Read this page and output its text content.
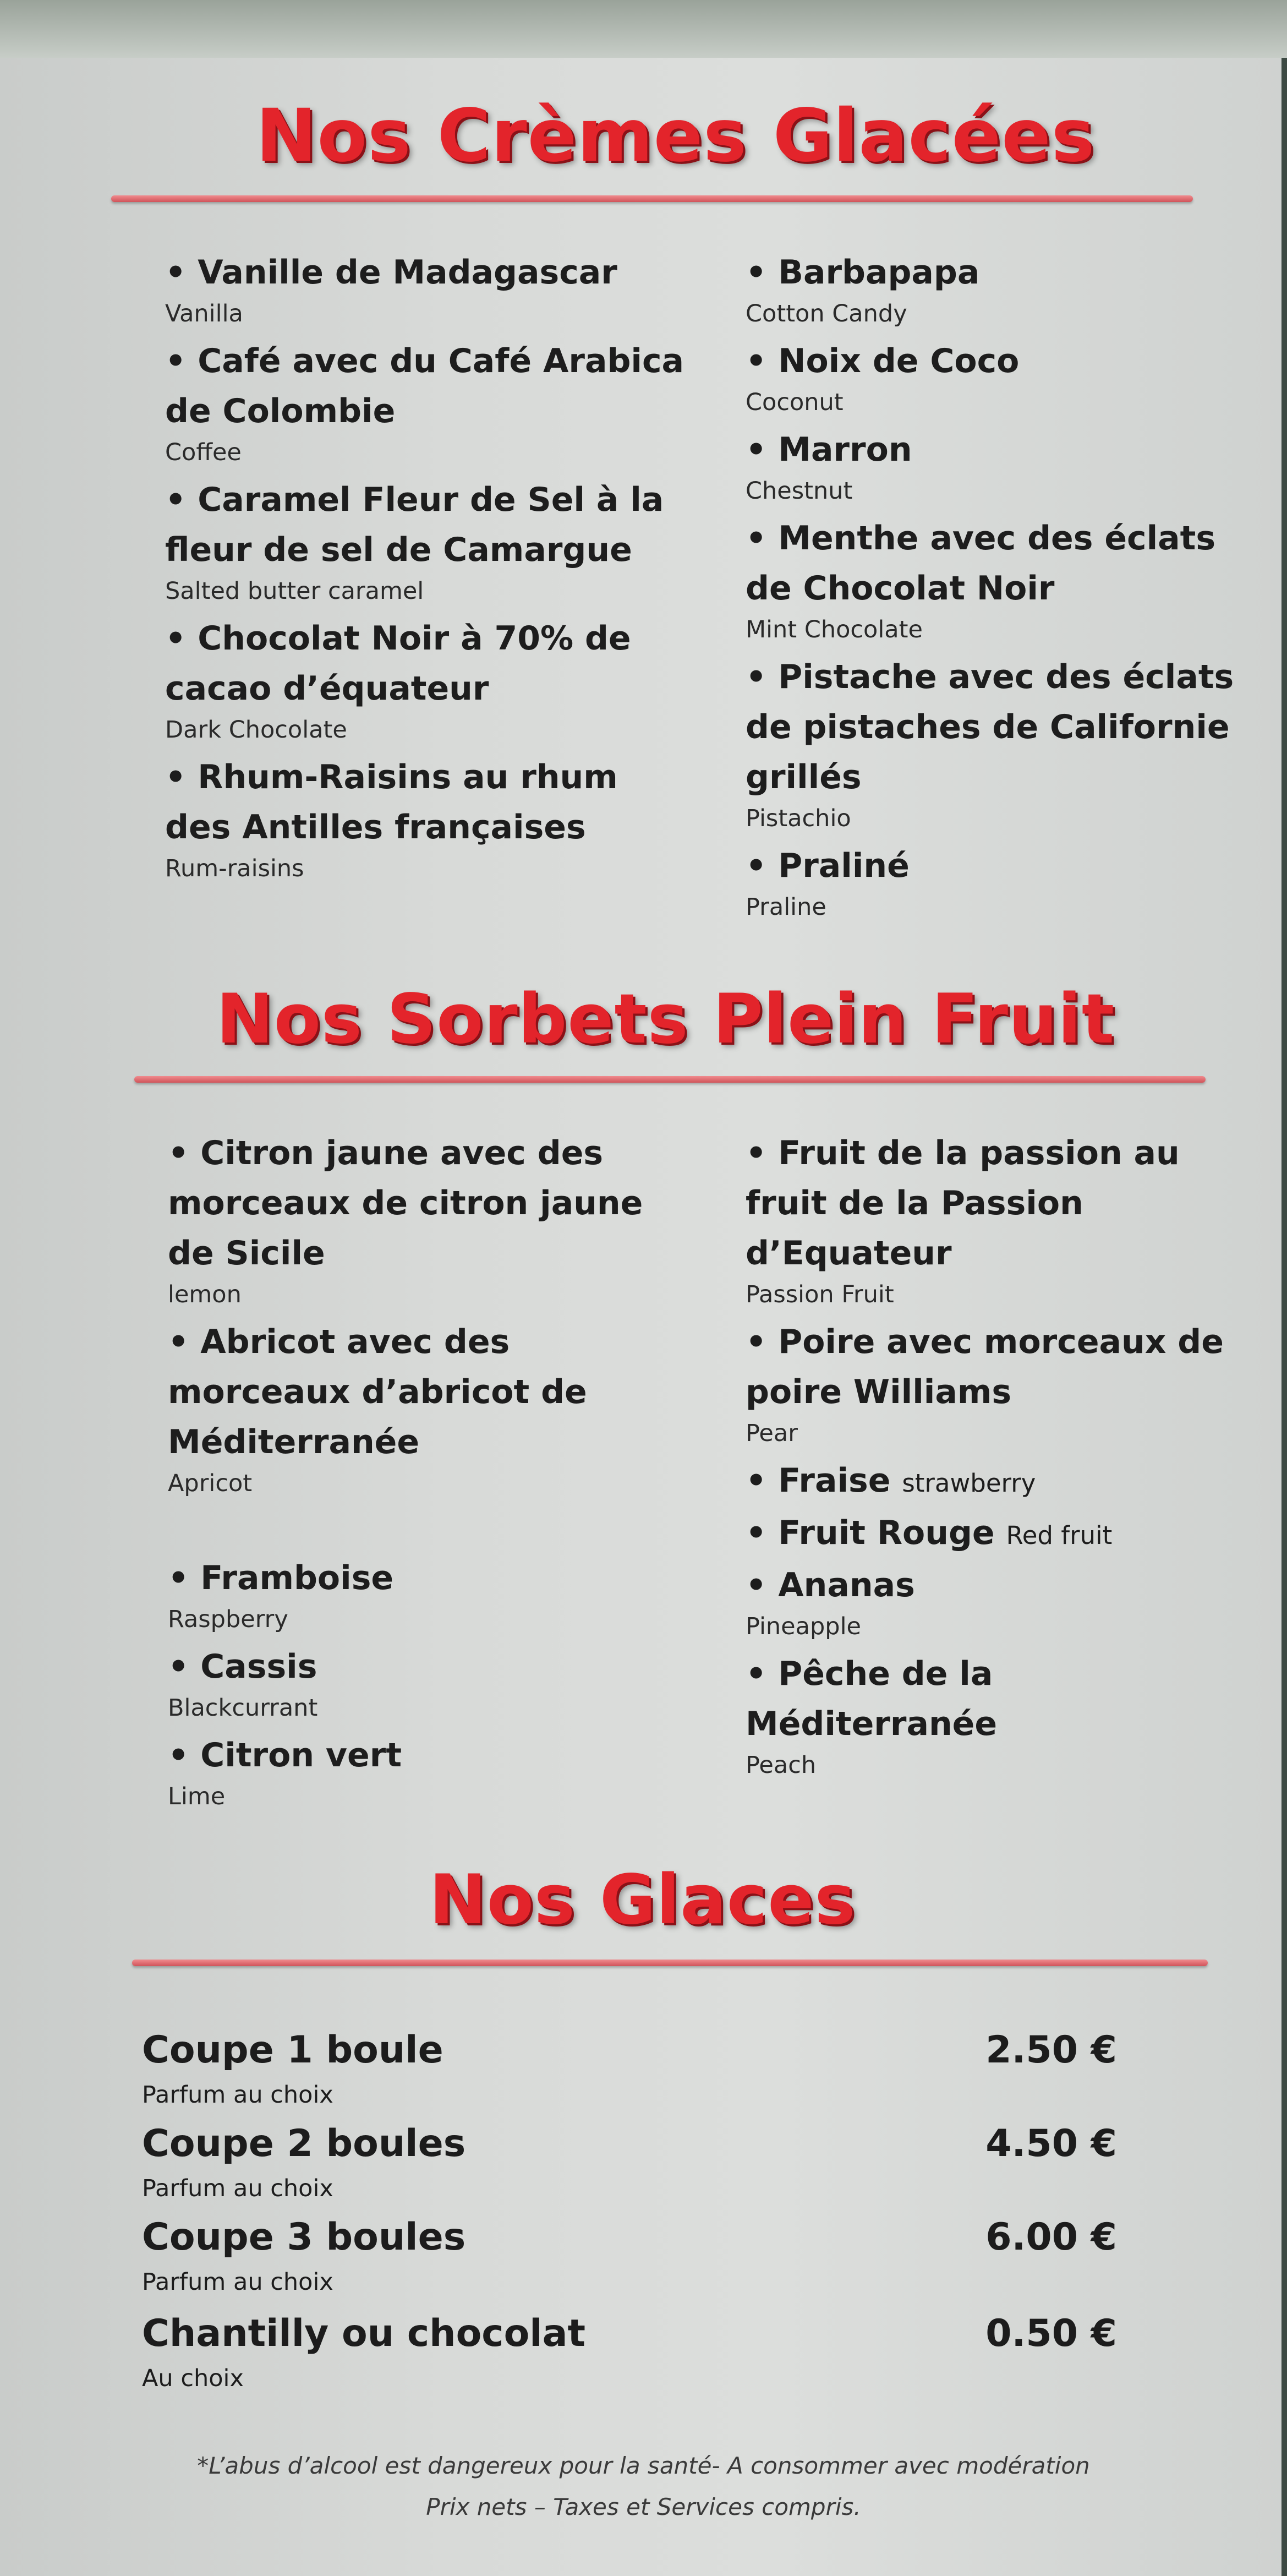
Nos Crèmes Glacées
• Vanille de Madagascar
Vanilla
• Café avec du Café Arabica de Colombie
Coffee
• Caramel Fleur de Sel à la fleur de sel de Camargue
Salted butter caramel
• Chocolat Noir à 70% de cacao d’équateur
Dark Chocolate
• Rhum-Raisins au rhum des Antilles françaises
Rum-raisins
• Barbapapa
Cotton Candy
• Noix de Coco
Coconut
• Marron
Chestnut
• Menthe avec des éclats de Chocolat Noir
Mint Chocolate
• Pistache avec des éclats de pistaches de Californie grillés
Pistachio
• Praliné
Praline
Nos Sorbets Plein Fruit
• Citron jaune avec des morceaux de citron jaune de Sicile
lemon
• Abricot avec des morceaux d’abricot de Méditerranée
Apricot
• Framboise
Raspberry
• Cassis
Blackcurrant
• Citron vert
Lime
• Fruit de la passion au fruit de la Passion d’Equateur
Passion Fruit
• Poire avec morceaux de poire Williams
Pear
• Fraise strawberry
• Fruit Rouge Red fruit
• Ananas
Pineapple
• Pêche de la Méditerranée
Peach
Nos Glaces
Coupe 1 boule	2.50 €
Parfum au choix
Coupe 2 boules	4.50 €
Parfum au choix
Coupe 3 boules	6.00 €
Parfum au choix
Chantilly ou chocolat	0.50 €
Au choix
*L’abus d’alcool est dangereux pour la santé- A consommer avec modération
Prix nets – Taxes et Services compris.
